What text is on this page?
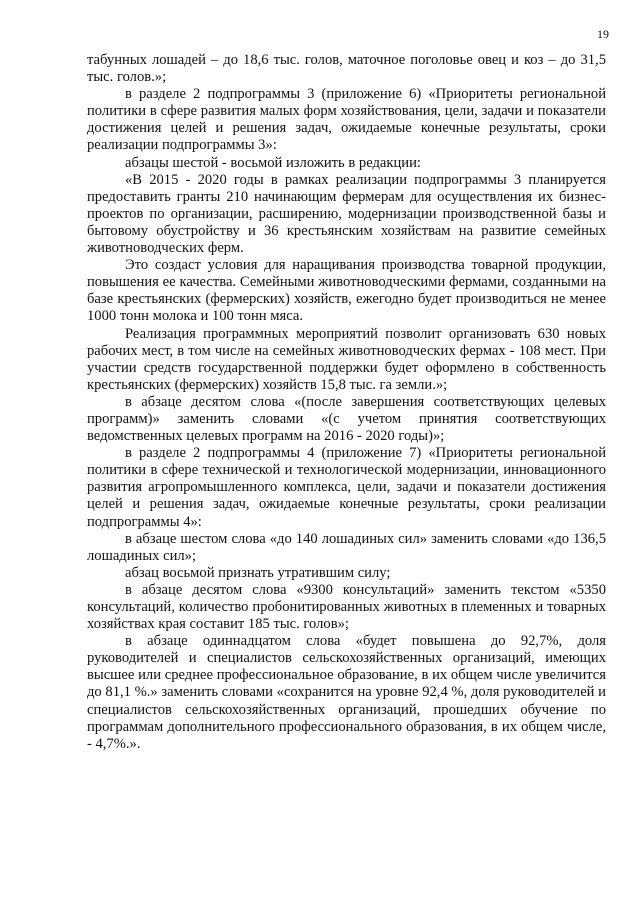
19

табунных лошадей – до 18,6 тыс. голов, маточное поголовье овец и коз – до 31,5 тыс. голов.»;

в разделе 2 подпрограммы 3 (приложение 6) «Приоритеты региональной политики в сфере развития малых форм хозяйствования, цели, задачи и показатели достижения целей и решения задач, ожидаемые конечные результаты, сроки реализации подпрограммы 3»:

абзацы шестой - восьмой изложить в редакции:

«В 2015 - 2020 годы в рамках реализации подпрограммы 3 планируется предоставить гранты 210 начинающим фермерам для осуществления их бизнес-проектов по организации, расширению, модернизации производственной базы и бытовому обустройству и 36 крестьянским хозяйствам на развитие семейных животноводческих ферм.

Это создаст условия для наращивания производства товарной продукции, повышения ее качества. Семейными животноводческими фермами, созданными на базе крестьянских (фермерских) хозяйств, ежегодно будет производиться не менее 1000 тонн молока и 100 тонн мяса.

Реализация программных мероприятий позволит организовать 630 новых рабочих мест, в том числе на семейных животноводческих фермах - 108 мест. При участии средств государственной поддержки будет оформлено в собственность крестьянских (фермерских) хозяйств 15,8 тыс. га земли.»;

в абзаце десятом слова «(после завершения соответствующих целевых программ)» заменить словами «(с учетом принятия соответствующих ведомственных целевых программ на 2016 - 2020 годы)»;

в разделе 2 подпрограммы 4 (приложение 7) «Приоритеты региональной политики в сфере технической и технологической модернизации, инновационного развития агропромышленного комплекса, цели, задачи и показатели достижения целей и решения задач, ожидаемые конечные результаты, сроки реализации подпрограммы 4»:

в абзаце шестом слова «до 140 лошадиных сил» заменить словами «до 136,5 лошадиных сил»;

абзац восьмой признать утратившим силу;

в абзаце десятом слова «9300 консультаций» заменить текстом «5350 консультаций, количество пробонитированных животных в племенных и товарных хозяйствах края составит 185 тыс. голов»;

в абзаце одиннадцатом слова «будет повышена до 92,7%, доля руководителей и специалистов сельскохозяйственных организаций, имеющих высшее или среднее профессиональное образование, в их общем числе увеличится до 81,1 %.» заменить словами «сохранится на уровне 92,4 %, доля руководителей и специалистов сельскохозяйственных организаций, прошедших обучение по программам дополнительного профессионального образования, в их общем числе, - 4,7%.».
